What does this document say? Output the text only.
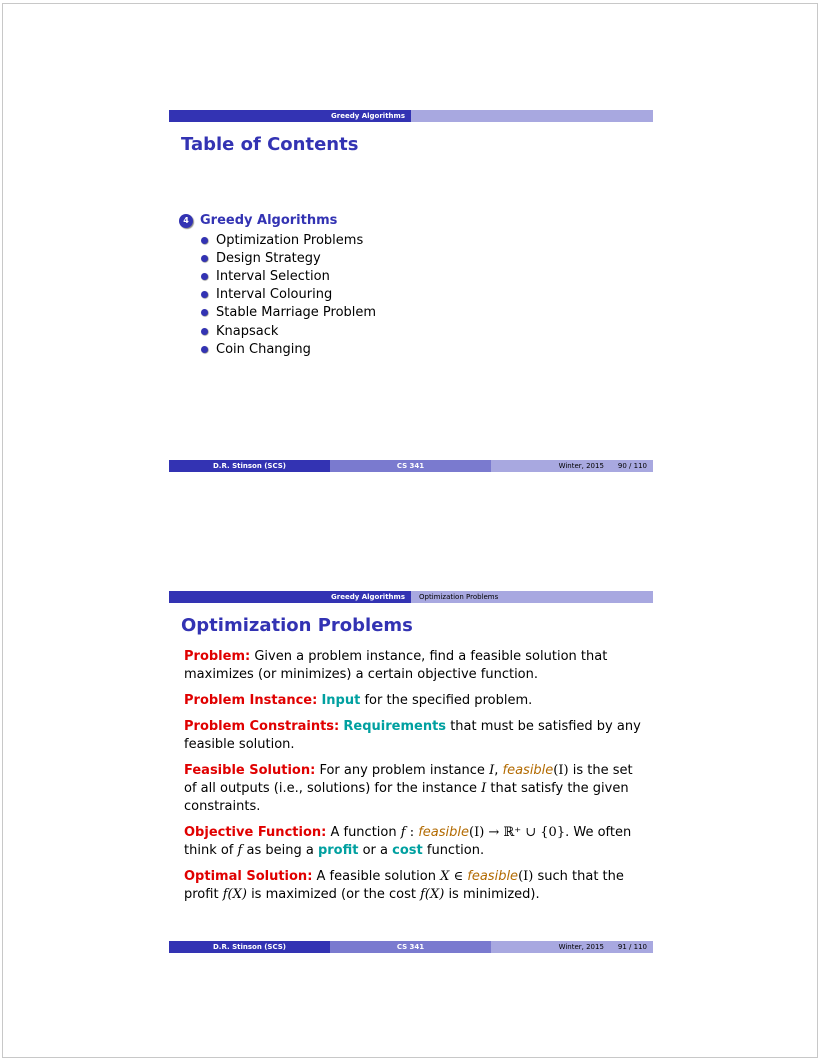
Greedy Algorithms
Table of Contents
4 Greedy Algorithms
Optimization Problems
Design Strategy
Interval Selection
Interval Colouring
Stable Marriage Problem
Knapsack
Coin Changing
D.R. Stinson (SCS)	CS 341	Winter, 2015 90 / 110
Greedy Algorithms	Optimization Problems
Optimization Problems
Problem: Given a problem instance, find a feasible solution that maximizes (or minimizes) a certain objective function.
Problem Instance: Input for the specified problem.
Problem Constraints: Requirements that must be satisfied by any feasible solution.
Feasible Solution: For any problem instance I, feasible(I) is the set of all outputs (i.e., solutions) for the instance I that satisfy the given constraints.
Objective Function: A function f : feasible(I) → ℝ⁺ ∪ {0}. We often think of f as being a profit or a cost function.
Optimal Solution: A feasible solution X ∈ feasible(I) such that the profit f(X) is maximized (or the cost f(X) is minimized).
D.R. Stinson (SCS)	CS 341	Winter, 2015 91 / 110
